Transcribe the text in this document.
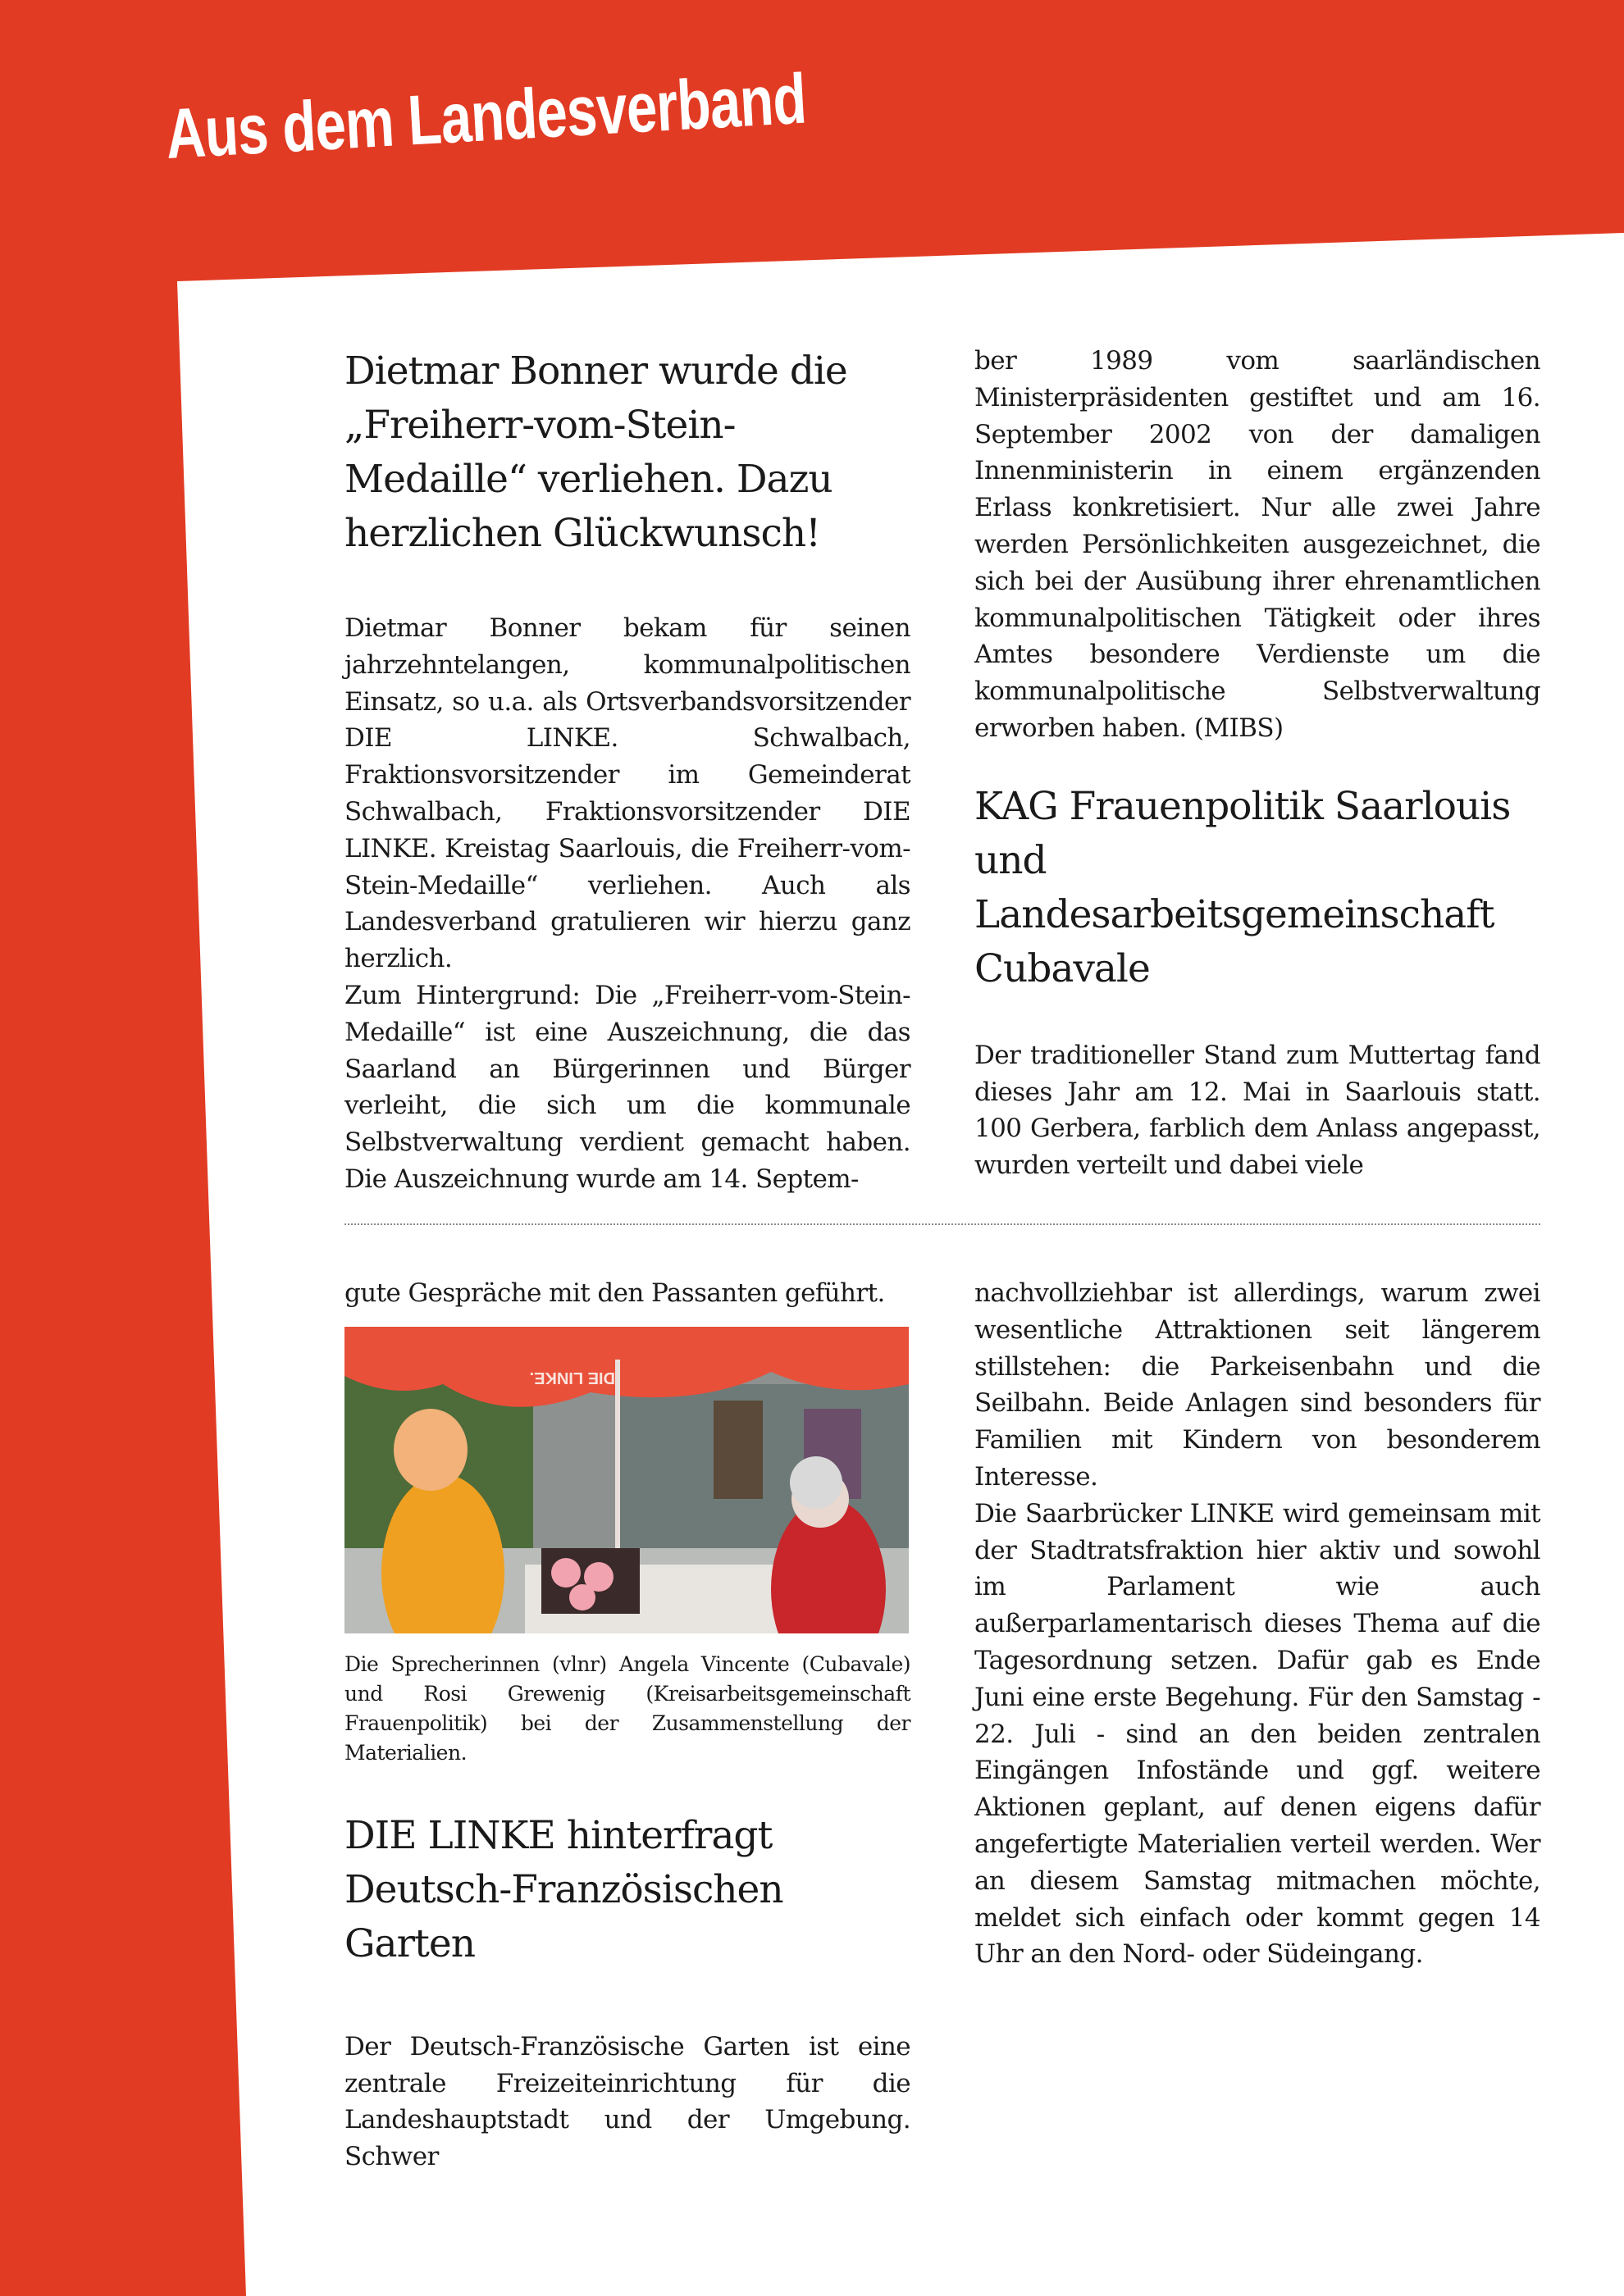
Aus dem Landesverband
Dietmar Bonner wurde die „Freiherr-vom-Stein-Medaille“ verliehen. Dazu herzlichen Glückwunsch!

Dietmar Bonner bekam für seinen jahrzehntelangen, kommunalpolitischen Einsatz, so u.a. als Ortsverbandsvorsitzender DIE LINKE. Schwalbach, Fraktionsvorsitzender im Gemeinderat Schwalbach, Fraktionsvorsitzender DIE LINKE. Kreistag Saarlouis, die Freiherr-vom-Stein-Medaille“ verliehen. Auch als Landesverband gratulieren wir hierzu ganz herzlich.

Zum Hintergrund: Die „Freiherr-vom-Stein-Medaille“ ist eine Auszeichnung, die das Saarland an Bürgerinnen und Bürger verleiht, die sich um die kommunale Selbstverwaltung verdient gemacht haben. Die Auszeichnung wurde am 14. Septem-

ber 1989 vom saarländischen Ministerpräsidenten gestiftet und am 16. September 2002 von der damaligen Innenministerin in einem ergänzenden Erlass konkretisiert. Nur alle zwei Jahre werden Persönlichkeiten ausgezeichnet, die sich bei der Ausübung ihrer ehrenamtlichen kommunalpolitischen Tätigkeit oder ihres Amtes besondere Verdienste um die kommunalpolitische Selbstverwaltung erworben haben. (MIBS)

KAG Frauenpolitik Saarlouis und Landesarbeitsgemeinschaft Cubavale

Der traditioneller Stand zum Muttertag fand dieses Jahr am 12. Mai in Saarlouis statt. 100 Gerbera, farblich dem Anlass angepasst, wurden verteilt und dabei viele

gute Gespräche mit den Passanten geführt.

DIE LINKE.

Die Sprecherinnen (vlnr) Angela Vincente (Cubavale) und Rosi Grewenig (Kreisarbeitsgemeinschaft Frauenpolitik) bei der Zusammenstellung der Materialien.

DIE LINKE hinterfragt Deutsch-Französischen Garten

Der Deutsch-Französische Garten ist eine zentrale Freizeiteinrichtung für die Landeshauptstadt und der Umgebung. Schwer

nachvollziehbar ist allerdings, warum zwei wesentliche Attraktionen seit längerem stillstehen: die Parkeisenbahn und die Seilbahn. Beide Anlagen sind besonders für Familien mit Kindern von besonderem Interesse.

Die Saarbrücker LINKE wird gemeinsam mit der Stadtratsfraktion hier aktiv und sowohl im Parlament wie auch außerparlamentarisch dieses Thema auf die Tagesordnung setzen. Dafür gab es Ende Juni eine erste Begehung. Für den Samstag - 22. Juli - sind an den beiden zentralen Eingängen Infostände und ggf. weitere Aktionen geplant, auf denen eigens dafür angefertigte Materialien verteil werden. Wer an diesem Samstag mitmachen möchte, meldet sich einfach oder kommt gegen 14 Uhr an den Nord- oder Südeingang.
